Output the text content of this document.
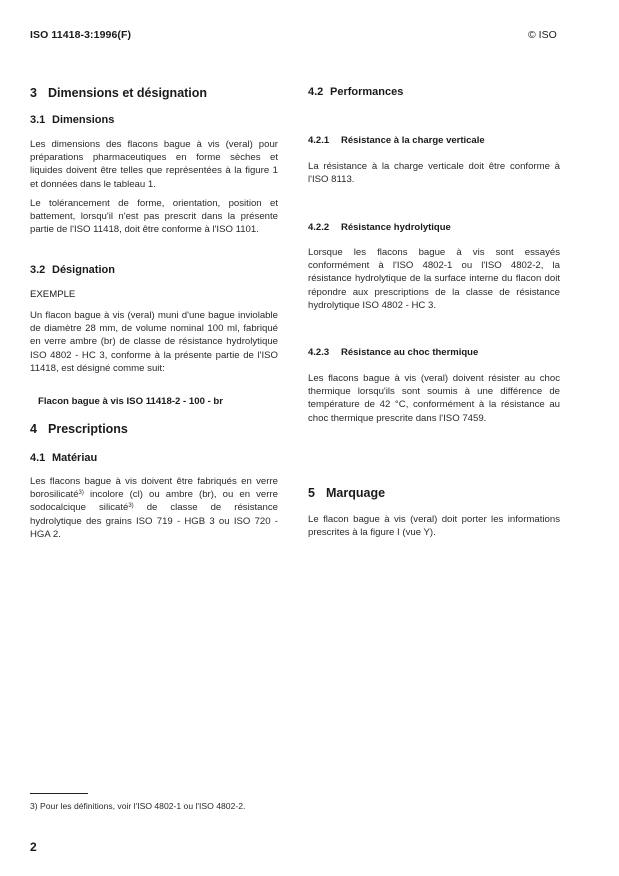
ISO 11418-3:1996(F)	© ISO
3 Dimensions et désignation
3.1 Dimensions
Les dimensions des flacons bague à vis (veral) pour préparations pharmaceutiques en forme sèches et liquides doivent être telles que représentées à la figure 1 et données dans le tableau 1.
Le tolérancement de forme, orientation, position et battement, lorsqu'il n'est pas prescrit dans la présente partie de l'ISO 11418, doit être conforme à l'ISO 1101.
3.2 Désignation
EXEMPLE
Un flacon bague à vis (veral) muni d'une bague inviolable de diamètre 28 mm, de volume nominal 100 ml, fabriqué en verre ambre (br) de classe de résistance hydrolytique ISO 4802 - HC 3, conforme à la présente partie de l'ISO 11418, est désigné comme suit:
Flacon bague à vis ISO 11418-2 - 100 - br
4 Prescriptions
4.1 Matériau
Les flacons bague à vis doivent être fabriqués en verre borosilicaté$^{3)}$ incolore (cl) ou ambre (br), ou en verre sodocalcique silicaté$^{3)}$ de classe de résistance hydrolytique des grains ISO 719 - HGB 3 ou ISO 720 - HGA 2.
4.2 Performances
4.2.1 Résistance à la charge verticale
La résistance à la charge verticale doit être conforme à l'ISO 8113.
4.2.2 Résistance hydrolytique
Lorsque les flacons bague à vis sont essayés conformément à l'ISO 4802-1 ou l'ISO 4802-2, la résistance hydrolytique de la surface interne du flacon doit répondre aux prescriptions de la classe de résistance hydrolytique ISO 4802 - HC 3.
4.2.3 Résistance au choc thermique
Les flacons bague à vis (veral) doivent résister au choc thermique lorsqu'ils sont soumis à une différence de température de 42 °C, conformément à la résistance au choc thermique prescrite dans l'ISO 7459.
5 Marquage
Le flacon bague à vis (veral) doit porter les informations prescrites à la figure I (vue Y).
3) Pour les définitions, voir l'ISO 4802-1 ou l'ISO 4802-2.
2
